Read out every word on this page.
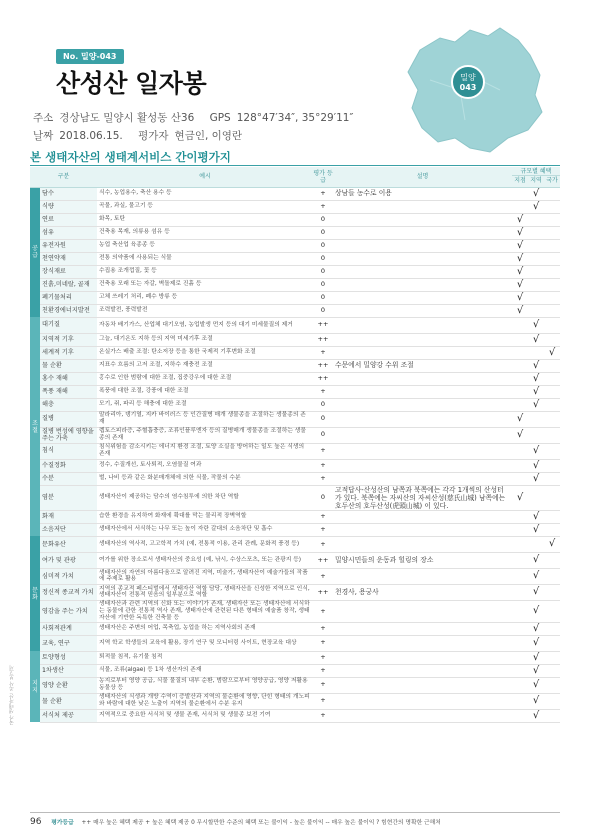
No. 밀양-043
산성산 일자봉	밀양
043
주소 경상남도 밀양시 활성동 산36 GPS 128°47′34″, 35°29′11″
날짜 2018.06.15. 평가자 현금인, 이영란
본 생태자산의 생태계서비스 간이평가지
구분		예시	평가 등급	설명	규모별 혜택
지점 지역 국가		

공급	담수	식수, 농업용수, 축산 용수 등	+	상남들 농수로 이용		√	
	식량	곡물, 과실, 물고기 등	+			√	
	연료	화목, 토탄	0		√		
	섬유	건축용 목재, 의류용 섬유 등	0		√		
	유전자원	농업 축산업 육종종 등	0		√		
	천연약재	전통 의약품에 사용되는 식물	0		√		
	장식재료	수집용 조개껍질, 꽃 등	0		√		
	진흙,미네랄, 골재	건축용 모래 또는 자갈, 벽돌제로 진흙 등	0		√		
	폐기물처리	고체 쓰레기 처리, 폐수 방류 등	0		√		
	친환경에너지발전	조력발전, 풍력발전	0		√		
조절	대기질	자동차 배기가스, 산업체 대기오염, 농업발생 먼지 등의 대기 미세물질의 제거	++			√	
	지역적 기후	그늘, 대기온도 지하 등의 지역 미세기후 조절	++			√	
	세계적 기후	온실가스 배출 조절: 탄소저장 등을 통한 국제적 기후변화 조절	+				√
	물 순환	지표수 흐름의 고저 조절, 지하수 재충전 조절	++	수문에서 밀양강 수위 조절		√	
	홍수 재해	홍수로 인한 범람에 대한 조절, 집중강우에 대한 조절	++			√	
	폭풍 재해	폭풍에 대한 조절, 강풍에 대한 조절	+			√	
	해충	모기, 쥐, 파리 등 해충에 대한 조절	0			√	
	질병	말라리아, 댕기열, 지카 바이러스 등 인간질병 매개 생물종을 조절하는 생물종의 존재	0		√		
	질병 번성에 영향을 주는 가축	렙토스피라증, 주혈흡충증, 조류인플루엔자 등의 질병매개 생물종을 조절하는 생물종의 존재	0		√		
	침식	침식위험을 감소시키는 에너지 환경 조절, 토양 소실을 방어하는 일도 높은 식생의 존재	+			√	
	수질정화	정수, 수질개선, 토사퇴적, 오염물질 여과	+			√	
	수분	벌, 나비 등과 같은 화분매개체에 의한 식물, 작물의 수분	+			√	
	염분	생태자산이 제공하는 담수의 염수침투에 의한 차단 역할	0	고적답사-산성산의 남쪽과 북쪽에는 각각 1개씩의 산성터가 있다. 북쪽에는 자씨산의 자씨산성(慈氏山城) 남쪽에는 호두산의 호두산성(虎頭山城) 이 있다.	√		
	화재	습한 환경을 유지하여 화재에 확대를 막는 물리적 장벽역할	+			√	
	소음저단	생태자산에서 서식하는 나무 또는 높이 자란 갈대의 소음차단 및 흡수	+			√	
문화	문화유산	생태자산의 역사적, 고고학적 가치 (예, 전통적 이용, 관리 관례, 문화적 풍경 등)	+				√
	여가 및 관광	여가를 위한 장소로서 생태자산의 중요성 (예, 낚시, 수상스포츠, 또는 관광지 등)	++	밀양시민들의 운동과 힐링의 장소		√	
	심미적 가치	생태자산의 자연의 아름다움으로 알려진 지역, 미술가, 생태자산이 예술가들의 작품에 주제로 활용	+			√	
	정신적 종교적 가치	지역의 종교적 페스티벌에서 생태자산 역할 담당, 생태자산을 신성한 지역으로 인식, 생태자산이 전통적 믿음의 일부분으로 역할	++	천경사, 용궁사		√	
	영감을 주는 가치	생태자산과 관련 지역의 신화 또는 이야기가 존재, 생태자산 또는 생태자산에 서식하는 동물에 관한 전통적 역사 존재, 생태자산에 관련된 다른 형태의 예술품 창작, 생태자산에 기반한 독특한 건축물 등	+			√	
	사회적관계	생태자산은 주변의 어업, 목축업, 농업을 하는 지역사회의 존재	+			√	
	교육, 연구	지역 학교 학생들의 교육에 활용, 장기 연구 및 모니터링 사이트, 현장교육 대상	+			√	
지지	토양형성	퇴적물 침적, 유기물 침적	+			√	
	1차생산	식물, 조류(algae) 등 1차 생산자의 존재	+			√	
	영양 순환	농지로부터 영양 공급, 식물 물질의 내부 순환, 범람으로부터 영양공급, 영양 저활용 동물상 등	+			√	
	물 순환	생태자산의 식생과 개방 수역이 증발산과 지역의 물순환에 영향, 단힌 형태의 개노피와 바람에 대한 낮은 노출이 지역의 물순환에서 수분 유지	+			√	
	서식처 제공	지역적으로 중요한 서식처 및 생물 존재, 서식처 및 생물종 보전 기여	+			√	
국가 생태자산 조사 보고서
96 평가등급 ++ 매우 높은 혜택 제공 + 높은 혜택 제공 0 무시할만한 수준의 혜택 또는 불이익 - 높은 불이익 -- 매우 높은 불이익 ? 힘현간의 명확한 근해처
